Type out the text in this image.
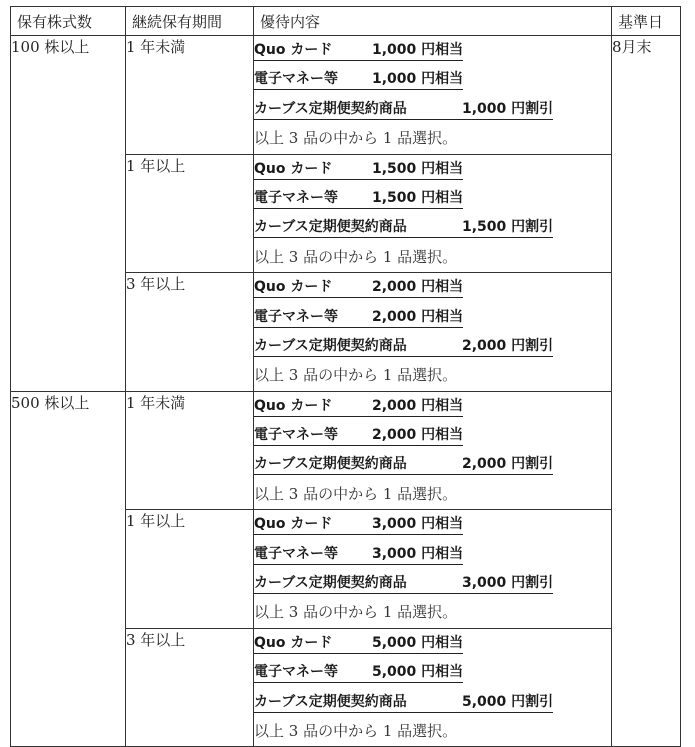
保有株式数	継続保有期間	優待内容	基準日
100 株以上	1 年未満	Quo カード 1,000 円相当
電子マネー等 1,000 円相当
カーブス定期便契約商品 1,000 円割引
以上 3 品の中から 1 品選択。	8月末
	1 年以上	Quo カード 1,500 円相当
電子マネー等 1,500 円相当
カーブス定期便契約商品 1,500 円割引
以上 3 品の中から 1 品選択。	

	3 年以上	Quo カード 2,000 円相当
電子マネー等 2,000 円相当
カーブス定期便契約商品 2,000 円割引
以上 3 品の中から 1 品選択。	

500 株以上	1 年未満	Quo カード 2,000 円相当
電子マネー等 2,000 円相当
カーブス定期便契約商品 2,000 円割引
以上 3 品の中から 1 品選択。	

	1 年以上	Quo カード 3,000 円相当
電子マネー等 3,000 円相当
カーブス定期便契約商品 3,000 円割引
以上 3 品の中から 1 品選択。	

	3 年以上	Quo カード 5,000 円相当
電子マネー等 5,000 円相当
カーブス定期便契約商品 5,000 円割引
以上 3 品の中から 1 品選択。	
